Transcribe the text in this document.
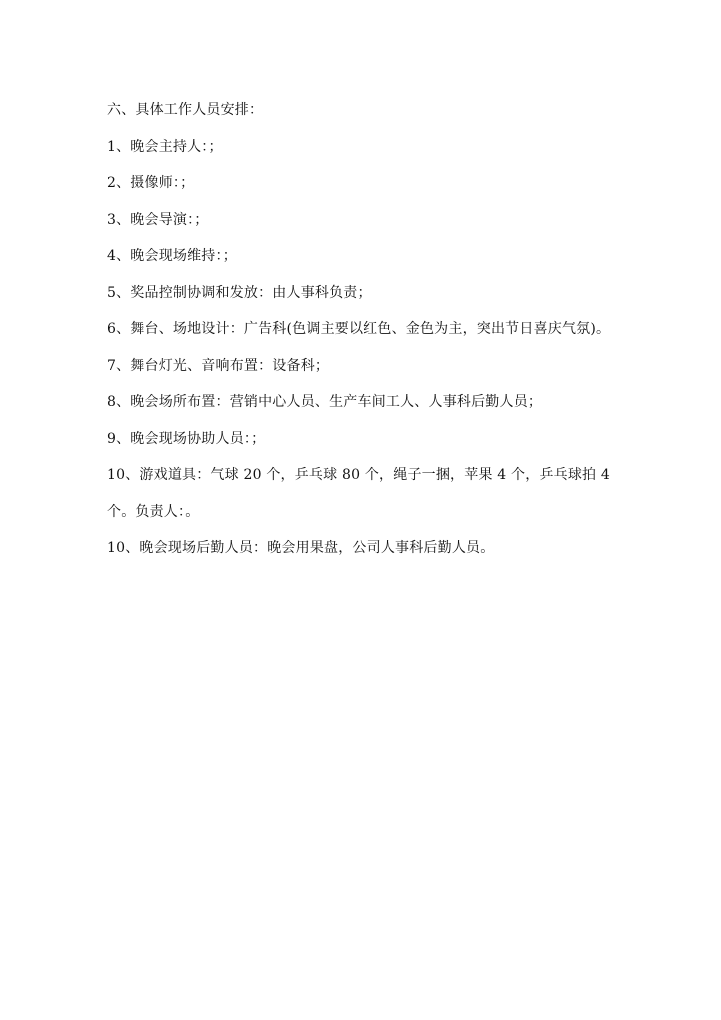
六、具体工作人员安排：
1、晚会主持人：；
2、摄像师：；
3、晚会导演：；
4、晚会现场维持：；
5、奖品控制协调和发放：由人事科负责；
6、舞台、场地设计：广告科(色调主要以红色、金色为主，突出节日喜庆气氛)。
7、舞台灯光、音响布置：设备科；
8、晚会场所布置：营销中心人员、生产车间工人、人事科后勤人员；
9、晚会现场协助人员：；
10、游戏道具：气球 20 个，乒乓球 80 个，绳子一捆，苹果 4 个，乒乓球拍 4
个。负责人：。
10、晚会现场后勤人员：晚会用果盘，公司人事科后勤人员。
